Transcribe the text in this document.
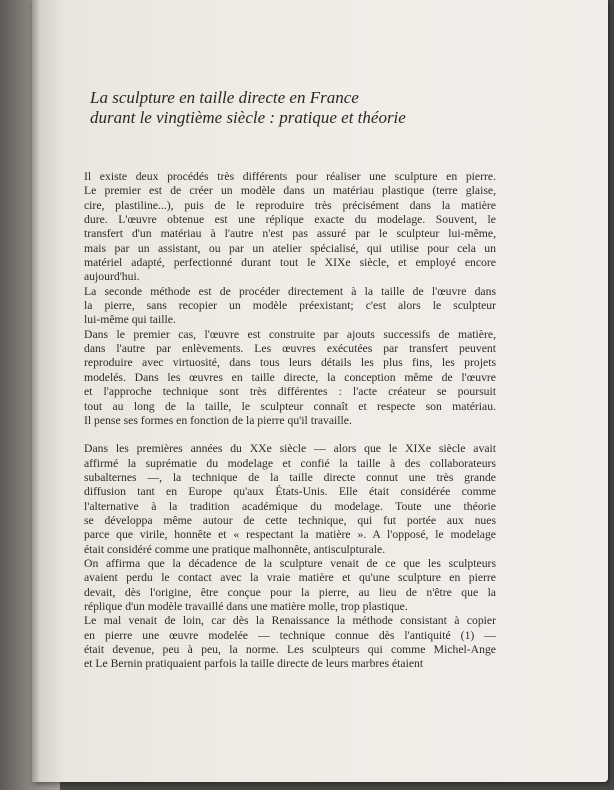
La sculpture en taille directe en France
durant le vingtième siècle : pratique et théorie

Il existe deux procédés très différents pour réaliser une sculpture en pierre.
Le premier est de créer un modèle dans un matériau plastique (terre glaise,
cire, plastiline...), puis de le reproduire très précisément dans la matière
dure. L'œuvre obtenue est une réplique exacte du modelage. Souvent, le
transfert d'un matériau à l'autre n'est pas assuré par le sculpteur lui-même,
mais par un assistant, ou par un atelier spécialisé, qui utilise pour cela un
matériel adapté, perfectionné durant tout le XIXe siècle, et employé encore
aujourd'hui.

La seconde méthode est de procéder directement à la taille de l'œuvre dans
la pierre, sans recopier un modèle préexistant; c'est alors le sculpteur
lui-même qui taille.

Dans le premier cas, l'œuvre est construite par ajouts successifs de matière,
dans l'autre par enlèvements. Les œuvres exécutées par transfert peuvent
reproduire avec virtuosité, dans tous leurs détails les plus fins, les projets
modelés. Dans les œuvres en taille directe, la conception même de l'œuvre
et l'approche technique sont très différentes : l'acte créateur se poursuit
tout au long de la taille, le sculpteur connaît et respecte son matériau.
Il pense ses formes en fonction de la pierre qu'il travaille.

Dans les premières années du XXe siècle — alors que le XIXe siècle avait
affirmé la suprématie du modelage et confié la taille à des collaborateurs
subalternes —, la technique de la taille directe connut une très grande
diffusion tant en Europe qu'aux États-Unis. Elle était considérée comme
l'alternative à la tradition académique du modelage. Toute une théorie
se développa même autour de cette technique, qui fut portée aux nues
parce que virile, honnête et « respectant la matière ». A l'opposé, le modelage
était considéré comme une pratique malhonnête, antisculpturale.

On affirma que la décadence de la sculpture venait de ce que les sculpteurs
avaient perdu le contact avec la vraie matière et qu'une sculpture en pierre
devait, dès l'origine, être conçue pour la pierre, au lieu de n'être que la
réplique d'un modèle travaillé dans une matière molle, trop plastique.

Le mal venait de loin, car dès la Renaissance la méthode consistant à copier
en pierre une œuvre modelée — technique connue dès l'antiquité (1) —
était devenue, peu à peu, la norme. Les sculpteurs qui comme Michel-Ange
et Le Bernin pratiquaient parfois la taille directe de leurs marbres étaient
